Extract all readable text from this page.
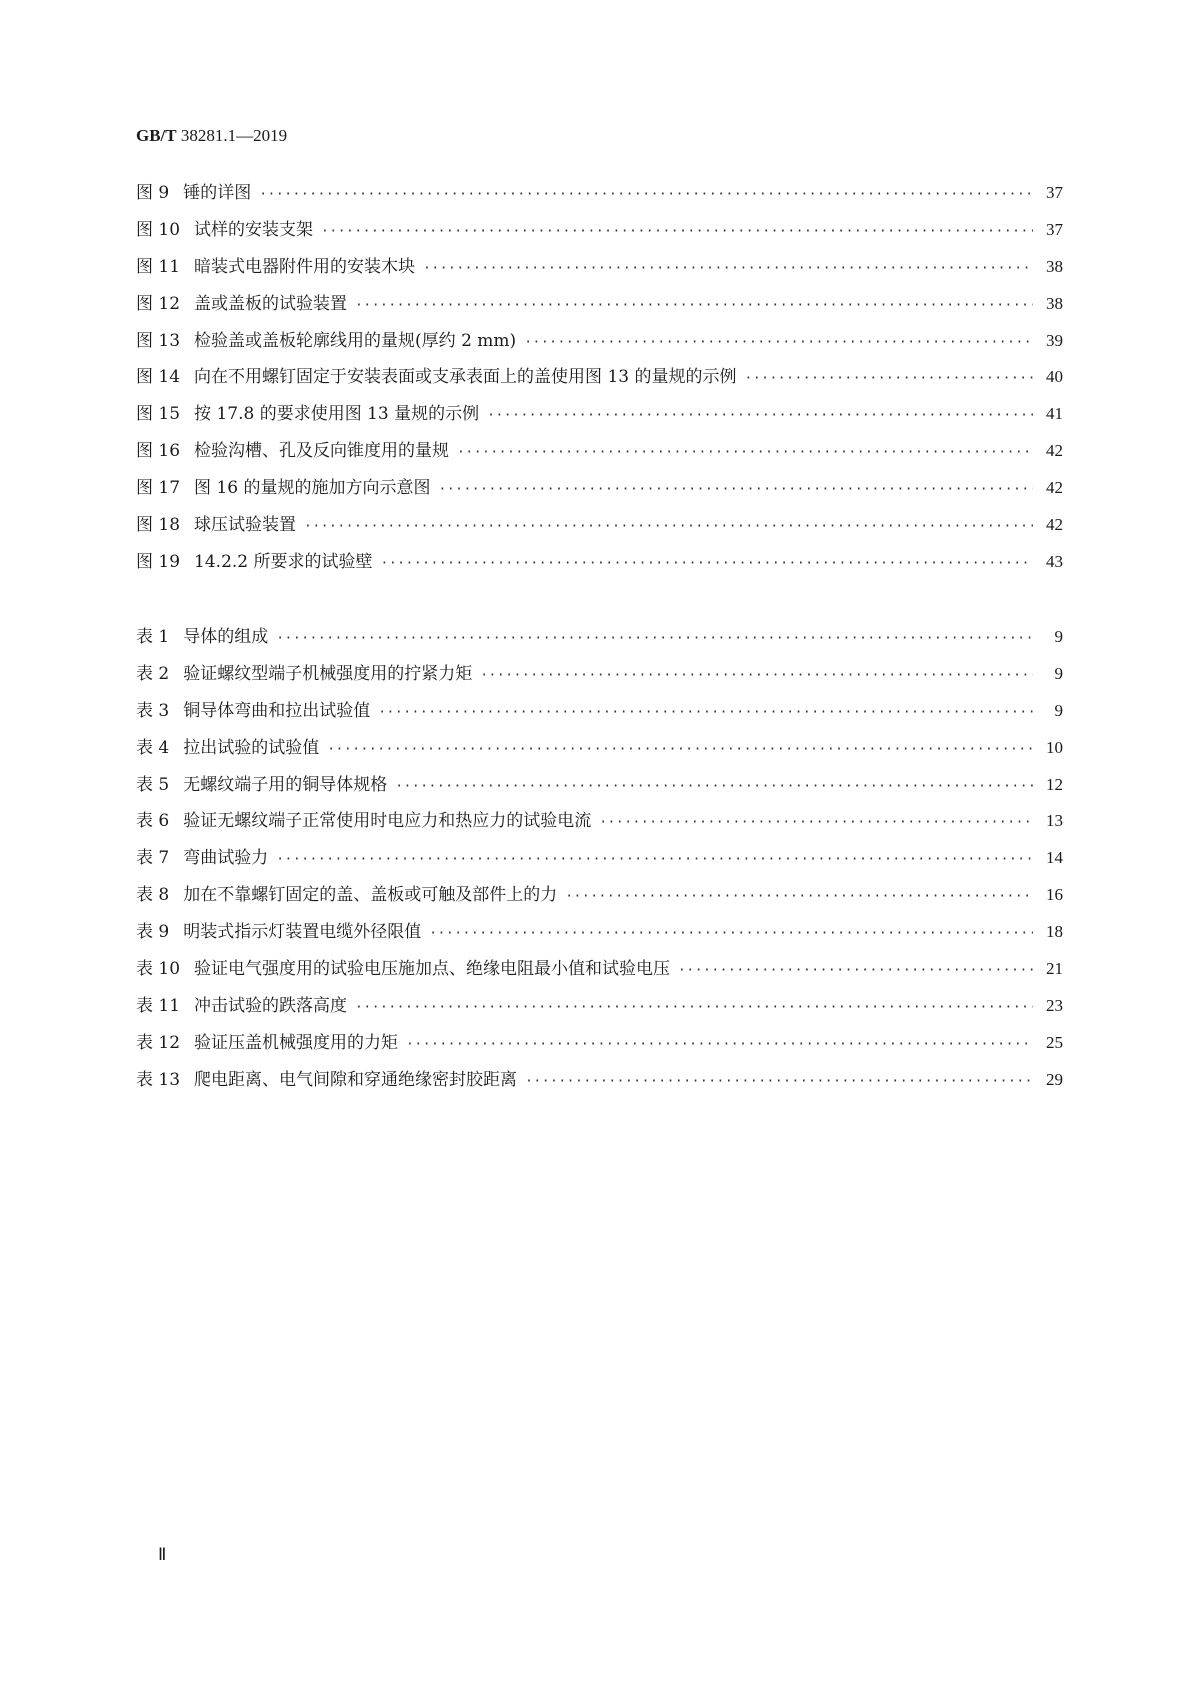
GB/T 38281.1—2019
图 9 锤的详图 ·····	37
图 10 试样的安装支架 ·····	37
图 11 暗装式电器附件用的安装木块 ·····	38
图 12 盖或盖板的试验装置 ·····	38
图 13 检验盖或盖板轮廓线用的量规(厚约 2 mm) ·····	39
图 14 向在不用螺钉固定于安装表面或支承表面上的盖使用图 13 的量规的示例 ·····	40
图 15 按 17.8 的要求使用图 13 量规的示例 ·····	41
图 16 检验沟槽、孔及反向锥度用的量规 ·····	42
图 17 图 16 的量规的施加方向示意图 ·····	42
图 18 球压试验装置 ·····	42
图 19 14.2.2 所要求的试验壁 ·····	43
表 1 导体的组成 ·····	9
表 2 验证螺纹型端子机械强度用的拧紧力矩 ·····	9
表 3 铜导体弯曲和拉出试验值 ·····	9
表 4 拉出试验的试验值 ·····	10
表 5 无螺纹端子用的铜导体规格 ·····	12
表 6 验证无螺纹端子正常使用时电应力和热应力的试验电流 ·····	13
表 7 弯曲试验力 ·····	14
表 8 加在不靠螺钉固定的盖、盖板或可触及部件上的力 ·····	16
表 9 明装式指示灯装置电缆外径限值 ·····	18
表 10 验证电气强度用的试验电压施加点、绝缘电阻最小值和试验电压 ·····	21
表 11 冲击试验的跌落高度 ·····	23
表 12 验证压盖机械强度用的力矩 ·····	25
表 13 爬电距离、电气间隙和穿通绝缘密封胶距离 ·····	29
Ⅱ
